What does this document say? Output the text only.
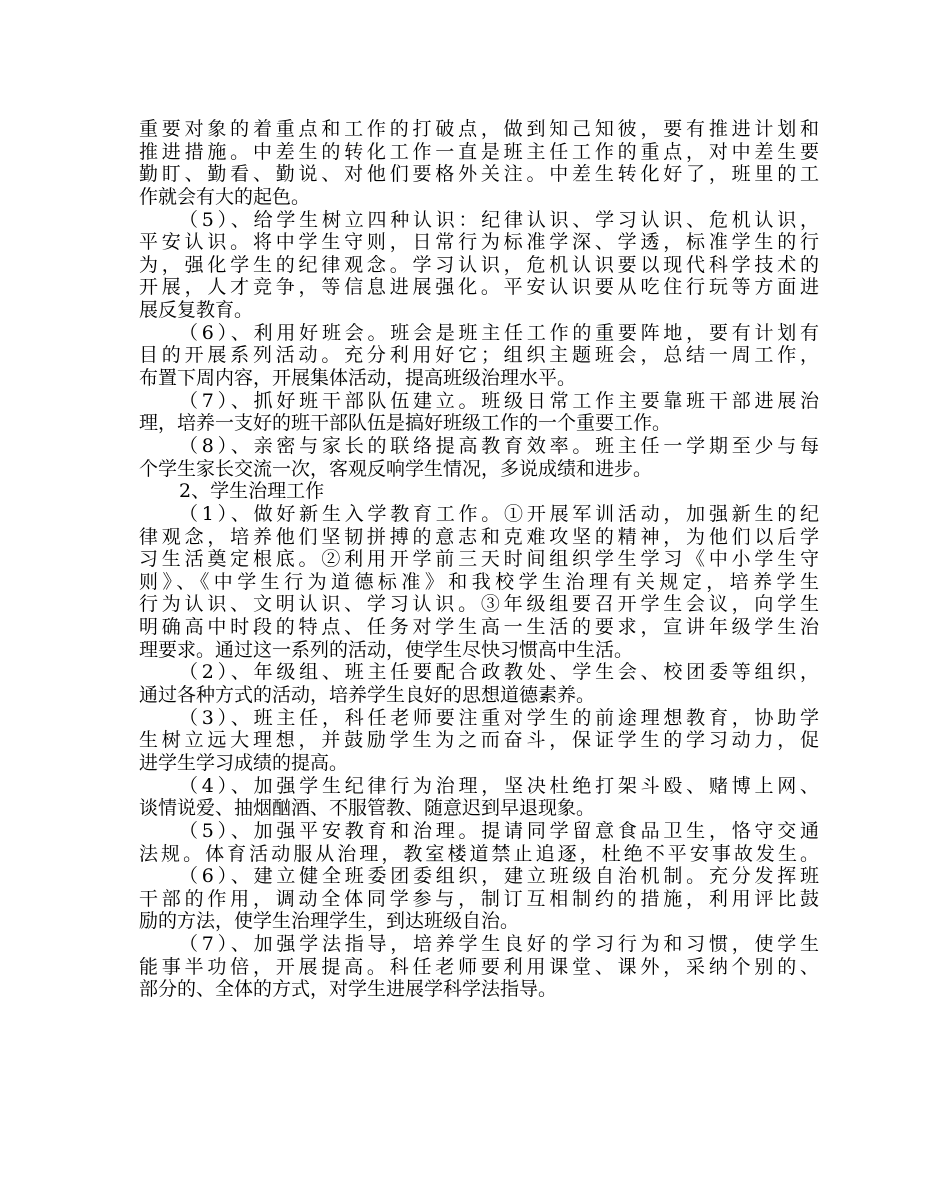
重要对象的着重点和工作的打破点，做到知己知彼，要有推进计划和
推进措施。中差生的转化工作一直是班主任工作的重点，对中差生要
勤盯、勤看、勤说、对他们要格外关注。中差生转化好了，班里的工
作就会有大的起色。
（5）、给学生树立四种认识：纪律认识、学习认识、危机认识，
平安认识。将中学生守则，日常行为标准学深、学透，标准学生的行
为，强化学生的纪律观念。学习认识，危机认识要以现代科学技术的
开展，人才竞争，等信息进展强化。平安认识要从吃住行玩等方面进
展反复教育。
（6）、利用好班会。班会是班主任工作的重要阵地，要有计划有
目的开展系列活动。充分利用好它；组织主题班会，总结一周工作，
布置下周内容，开展集体活动，提高班级治理水平。
（7）、抓好班干部队伍建立。班级日常工作主要靠班干部进展治
理，培养一支好的班干部队伍是搞好班级工作的一个重要工作。
（8）、亲密与家长的联络提高教育效率。班主任一学期至少与每
个学生家长交流一次，客观反响学生情况，多说成绩和进步。
2、学生治理工作
（1）、做好新生入学教育工作。①开展军训活动，加强新生的纪
律观念，培养他们坚韧拼搏的意志和克难攻坚的精神，为他们以后学
习生活奠定根底。②利用开学前三天时间组织学生学习《中小学生守
则》、《中学生行为道德标准》和我校学生治理有关规定，培养学生
行为认识、文明认识、学习认识。③年级组要召开学生会议，向学生
明确高中时段的特点、任务对学生高一生活的要求，宣讲年级学生治
理要求。通过这一系列的活动，使学生尽快习惯高中生活。
（2）、年级组、班主任要配合政教处、学生会、校团委等组织，
通过各种方式的活动，培养学生良好的思想道德素养。
（3）、班主任，科任老师要注重对学生的前途理想教育，协助学
生树立远大理想，并鼓励学生为之而奋斗，保证学生的学习动力，促
进学生学习成绩的提高。
（4）、加强学生纪律行为治理，坚决杜绝打架斗殴、赌博上网、
谈情说爱、抽烟酗酒、不服管教、随意迟到早退现象。
（5）、加强平安教育和治理。提请同学留意食品卫生，恪守交通
法规。体育活动服从治理，教室楼道禁止追逐，杜绝不平安事故发生。
（6）、建立健全班委团委组织，建立班级自治机制。充分发挥班
干部的作用，调动全体同学参与，制订互相制约的措施，利用评比鼓
励的方法，使学生治理学生，到达班级自治。
（7）、加强学法指导，培养学生良好的学习行为和习惯，使学生
能事半功倍，开展提高。科任老师要利用课堂、课外，采纳个别的、
部分的、全体的方式，对学生进展学科学法指导。
